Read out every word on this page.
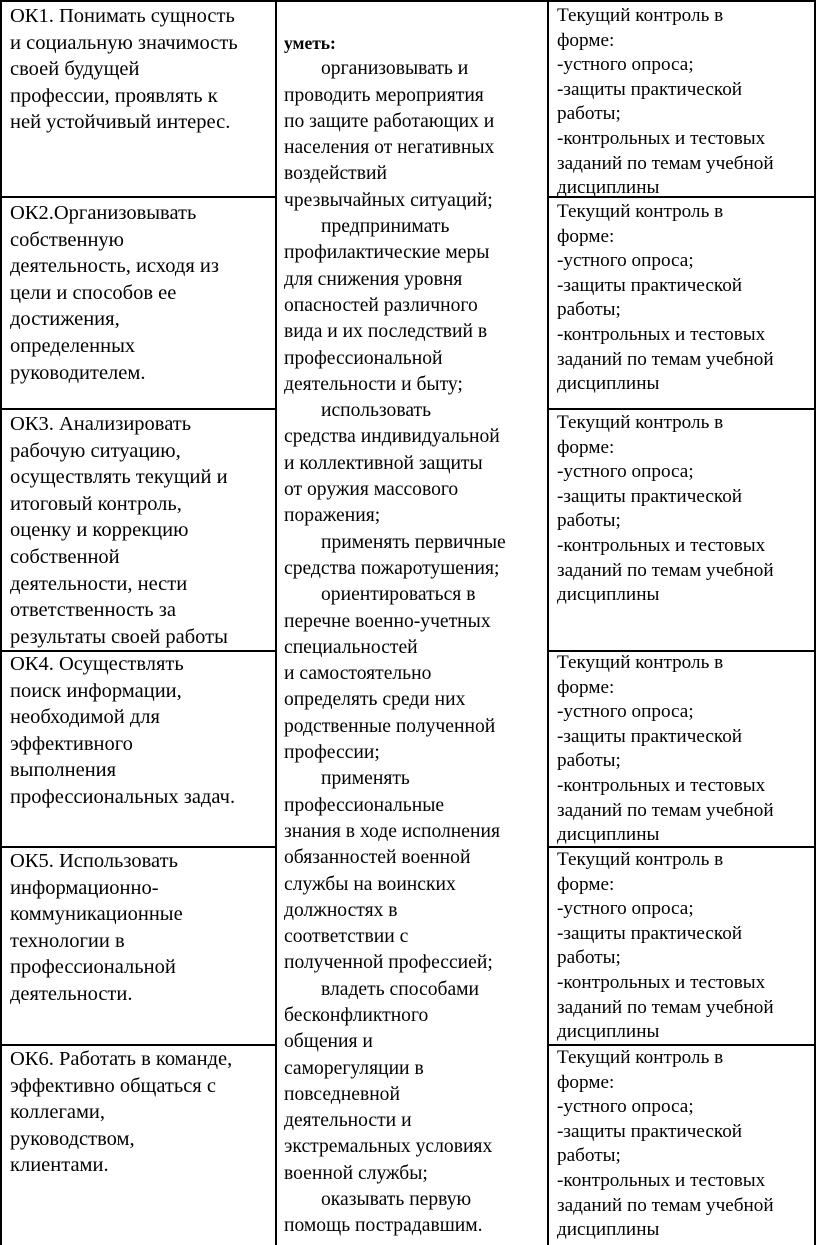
ОК1. Понимать сущность
и социальную значимость
своей будущей
профессии, проявлять к
ней устойчивый интерес.
ОК2.Организовывать
собственную
деятельность, исходя из
цели и способов ее
достижения,
определенных
руководителем.
ОК3. Анализировать
рабочую ситуацию,
осуществлять текущий и
итоговый контроль,
оценку и коррекцию
собственной
деятельности, нести
ответственность за
результаты своей работы
ОК4. Осуществлять
поиск информации,
необходимой для
эффективного
выполнения
профессиональных задач.
ОК5. Использовать
информационно-
коммуникационные
технологии в
профессиональной
деятельности.
ОК6. Работать в команде,
эффективно общаться с
коллегами,
руководством,
клиентами.
уметь:
организовывать и
проводить мероприятия
по защите работающих и
населения от негативных
воздействий
чрезвычайных ситуаций;
предпринимать
профилактические меры
для снижения уровня
опасностей различного
вида и их последствий в
профессиональной
деятельности и быту;
использовать
средства индивидуальной
и коллективной защиты
от оружия массового
поражения;
применять первичные
средства пожаротушения;
ориентироваться в
перечне военно-учетных
специальностей
и самостоятельно
определять среди них
родственные полученной
профессии;
применять
профессиональные
знания в ходе исполнения
обязанностей военной
службы на воинских
должностях в
соответствии с
полученной профессией;
владеть способами
бесконфликтного
общения и
саморегуляции в
повседневной
деятельности и
экстремальных условиях
военной службы;
оказывать первую
помощь пострадавшим.
Текущий контроль в
форме:
-устного опроса;
-защиты практической
работы;
-контрольных и тестовых
заданий по темам учебной
дисциплины
Текущий контроль в
форме:
-устного опроса;
-защиты практической
работы;
-контрольных и тестовых
заданий по темам учебной
дисциплины
Текущий контроль в
форме:
-устного опроса;
-защиты практической
работы;
-контрольных и тестовых
заданий по темам учебной
дисциплины
Текущий контроль в
форме:
-устного опроса;
-защиты практической
работы;
-контрольных и тестовых
заданий по темам учебной
дисциплины
Текущий контроль в
форме:
-устного опроса;
-защиты практической
работы;
-контрольных и тестовых
заданий по темам учебной
дисциплины
Текущий контроль в
форме:
-устного опроса;
-защиты практической
работы;
-контрольных и тестовых
заданий по темам учебной
дисциплины
